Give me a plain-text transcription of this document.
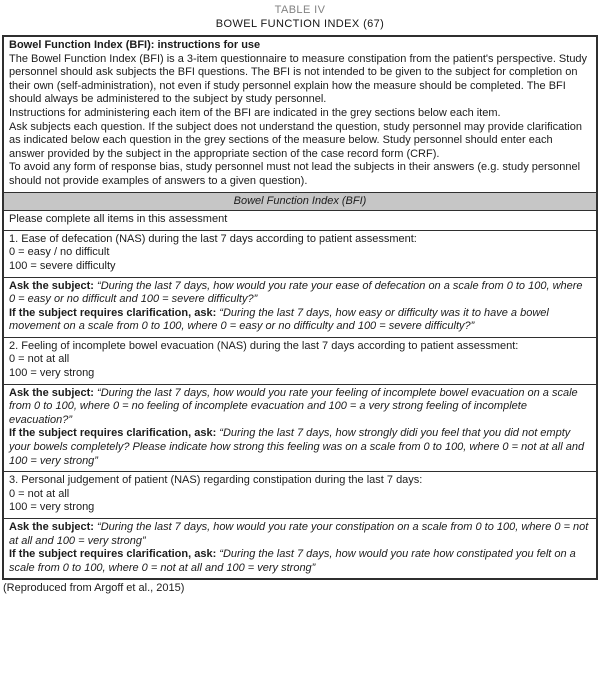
TABLE IV
BOWEL FUNCTION INDEX (67)

Bowel Function Index (BFI): instructions for use

The Bowel Function Index (BFI) is a 3-item questionnaire to measure constipation from the patient's perspective. Study personnel should ask subjects the BFI questions. The BFI is not intended to be given to the subject for completion on their own (self-administration), not even if study personnel explain how the measure should be completed. The BFI should always be administered to the subject by study personnel.

Instructions for administering each item of the BFI are indicated in the grey sections below each item.

Ask subjects each question. If the subject does not understand the question, study personnel may provide clarification as indicated below each question in the grey sections of the measure below. Study personnel should enter each answer provided by the subject in the appropriate section of the case record form (CRF).

To avoid any form of response bias, study personnel must not lead the subjects in their answers (e.g. study personnel should not provide examples of answers to a given question).

Bowel Function Index (BFI)

Please complete all items in this assessment

1. Ease of defecation (NAS) during the last 7 days according to patient assessment:

0 = easy / no difficult
100 = severe difficulty

Ask the subject: “During the last 7 days, how would you rate your ease of defecation on a scale from 0 to 100, where 0 = easy or no difficult and 100 = severe difficulty?”

If the subject requires clarification, ask: “During the last 7 days, how easy or difficulty was it to have a bowel movement on a scale from 0 to 100, where 0 = easy or no difficulty and 100 = severe difficulty?”

2. Feeling of incomplete bowel evacuation (NAS) during the last 7 days according to patient assessment:

0 = not at all
100 = very strong

Ask the subject: “During the last 7 days, how would you rate your feeling of incomplete bowel evacuation on a scale from 0 to 100, where 0 = no feeling of incomplete evacuation and 100 = a very strong feeling of incomplete evacuation?”

If the subject requires clarification, ask: “During the last 7 days, how strongly didi you feel that you did not empty your bowels completely? Please indicate how strong this feeling was on a scale from 0 to 100, where 0 = not at all and 100 = very strong”

3. Personal judgement of patient (NAS) regarding constipation during the last 7 days:

0 = not at all
100 = very strong

Ask the subject: “During the last 7 days, how would you rate your constipation on a scale from 0 to 100, where 0 = not at all and 100 = very strong”

If the subject requires clarification, ask: “During the last 7 days, how would you rate how constipated you felt on a scale from 0 to 100, where 0 = not at all and 100 = very strong”

(Reproduced from Argoff et al., 2015)
